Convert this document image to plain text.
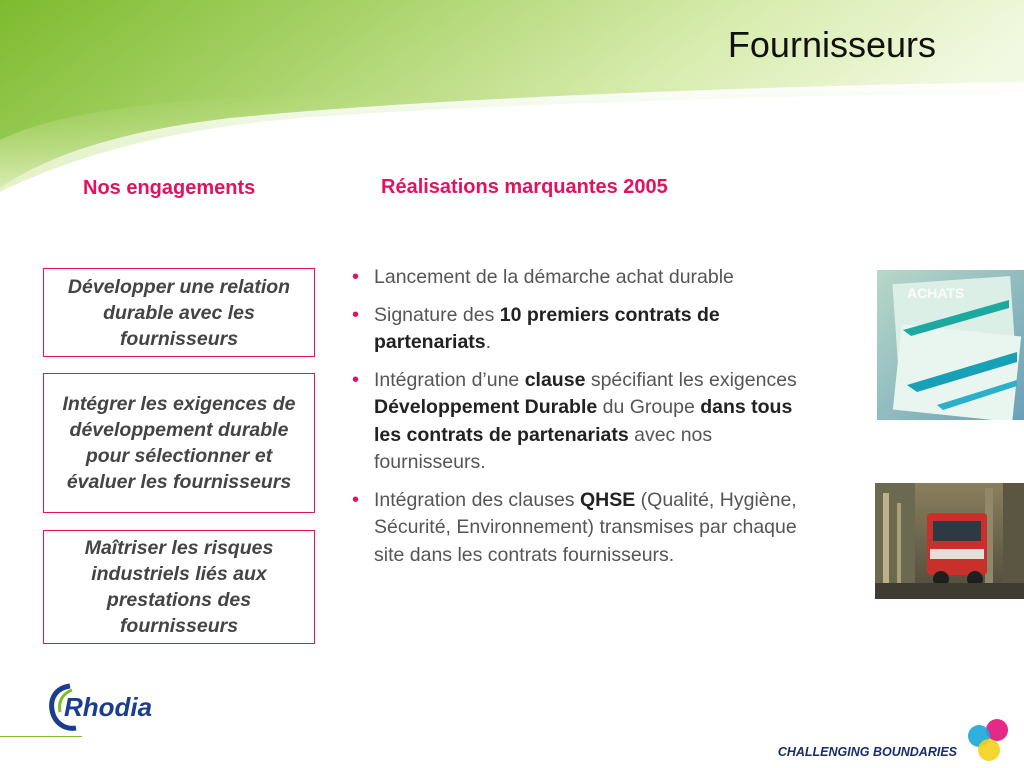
Fournisseurs
Nos engagements	Réalisations marquantes 2005
Développer une relation durable avec les fournisseurs
Intégrer les exigences de développement durable pour sélectionner et évaluer les fournisseurs
Maîtriser les risques industriels liés aux prestations des fournisseurs
• Lancement de la démarche achat durable
• Signature des 10 premiers contrats de partenariats.
• Intégration d’une clause spécifiant les exigences Développement Durable du Groupe dans tous les contrats de partenariats avec nos fournisseurs.
• Intégration des clauses QHSE (Qualité, Hygiène, Sécurité, Environnement) transmises par chaque site dans les contrats fournisseurs.
ACHATS
Rhodia
CHALLENGING BOUNDARIES
